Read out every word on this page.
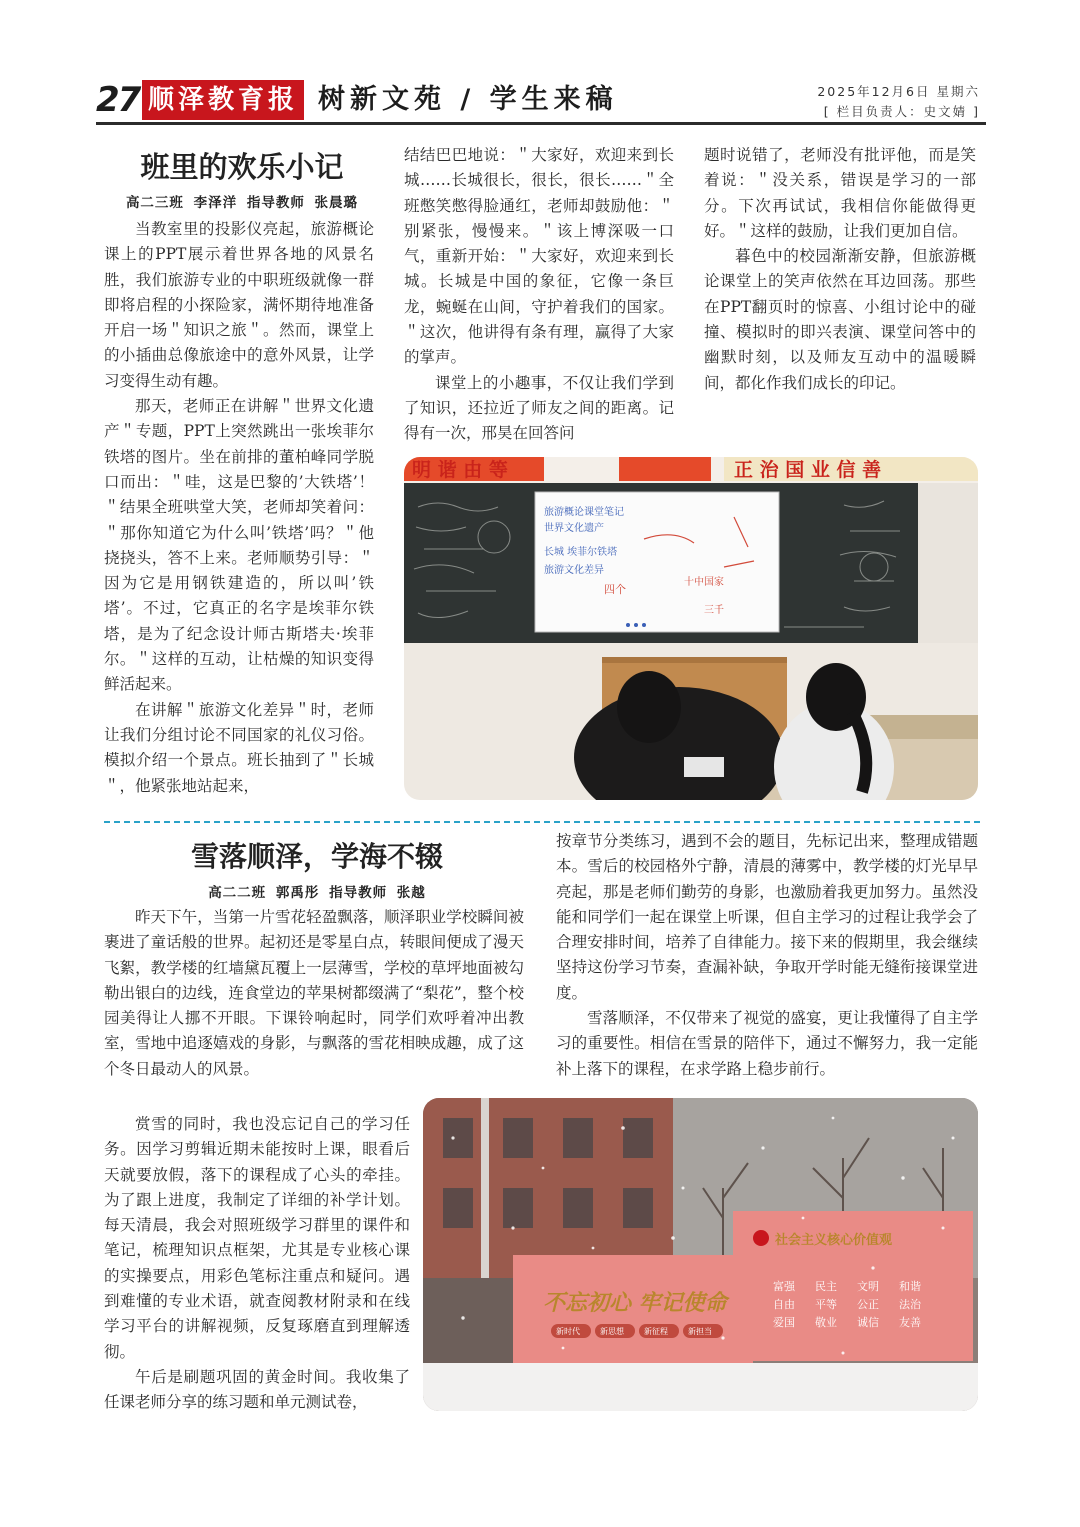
27 顺泽教育报 树新文苑 / 学生来稿	2025年12月6日 星期六
[ 栏目负责人：史文婧 ]
班里的欢乐小记
高二三班 李泽洋 指导教师 张晨璐

当教室里的投影仪亮起，旅游概论课上的PPT展示着世界各地的风景名胜，我们旅游专业的中职班级就像一群即将启程的小探险家，满怀期待地准备开启一场＂知识之旅＂。然而，课堂上的小插曲总像旅途中的意外风景，让学习变得生动有趣。

那天，老师正在讲解＂世界文化遗产＂专题，PPT上突然跳出一张埃菲尔铁塔的图片。坐在前排的董柏峰同学脱口而出：＂哇，这是巴黎的’大铁塔’！＂结果全班哄堂大笑，老师却笑着问：＂那你知道它为什么叫’铁塔’吗？＂他挠挠头，答不上来。老师顺势引导：＂因为它是用钢铁建造的，所以叫’铁塔’。不过，它真正的名字是埃菲尔铁塔，是为了纪念设计师古斯塔夫·埃菲尔。＂这样的互动，让枯燥的知识变得鲜活起来。

在讲解＂旅游文化差异＂时，老师让我们分组讨论不同国家的礼仪习俗。模拟介绍一个景点。班长抽到了＂长城＂，他紧张地站起来，

结结巴巴地说：＂大家好，欢迎来到长城……长城很长，很长，很长……＂全班憋笑憋得脸通红，老师却鼓励他：＂别紧张，慢慢来。＂该上博深吸一口气，重新开始：＂大家好，欢迎来到长城。长城是中国的象征，它像一条巨龙，蜿蜒在山间，守护着我们的国家。＂这次，他讲得有条有理，赢得了大家的掌声。

课堂上的小趣事，不仅让我们学到了知识，还拉近了师友之间的距离。记得有一次，邢昊在回答问

题时说错了，老师没有批评他，而是笑着说：＂没关系，错误是学习的一部分。下次再试试，我相信你能做得更好。＂这样的鼓励，让我们更加自信。

暮色中的校园渐渐安静，但旅游概论课堂上的笑声依然在耳边回荡。那些在PPT翻页时的惊喜、小组讨论中的碰撞、模拟时的即兴表演、课堂问答中的幽默时刻，以及师友互动中的温暖瞬间，都化作我们成长的印记。

明 谐 由 等	正 治 国 业 信 善
旅游概论课堂笔记
世界文化遗产
长城 埃菲尔铁塔
旅游文化差异
四个
十中国家
三千
雪落顺泽，学海不辍
高二二班 郭禹彤 指导教师 张越

昨天下午，当第一片雪花轻盈飘落，顺泽职业学校瞬间被裹进了童话般的世界。起初还是零星白点，转眼间便成了漫天飞絮，教学楼的红墙黛瓦覆上一层薄雪，学校的草坪地面被勾勒出银白的边线，连食堂边的苹果树都缀满了“梨花”，整个校园美得让人挪不开眼。下课铃响起时，同学们欢呼着冲出教室，雪地中追逐嬉戏的身影，与飘落的雪花相映成趣，成了这个冬日最动人的风景。

赏雪的同时，我也没忘记自己的学习任务。因学习剪辑近期未能按时上课，眼看后天就要放假，落下的课程成了心头的牵挂。为了跟上进度，我制定了详细的补学计划。每天清晨，我会对照班级学习群里的课件和笔记，梳理知识点框架，尤其是专业核心课的实操要点，用彩色笔标注重点和疑问。遇到难懂的专业术语，就查阅教材附录和在线学习平台的讲解视频，反复琢磨直到理解透彻。

午后是刷题巩固的黄金时间。我收集了任课老师分享的练习题和单元测试卷，

按章节分类练习，遇到不会的题目，先标记出来，整理成错题本。雪后的校园格外宁静，清晨的薄雾中，教学楼的灯光早早亮起，那是老师们勤劳的身影，也激励着我更加努力。虽然没能和同学们一起在课堂上听课，但自主学习的过程让我学会了合理安排时间，培养了自律能力。接下来的假期里，我会继续坚持这份学习节奏，查漏补缺，争取开学时能无缝衔接课堂进度。

雪落顺泽，不仅带来了视觉的盛宴，更让我懂得了自主学习的重要性。相信在雪景的陪伴下，通过不懈努力，我一定能补上落下的课程，在求学路上稳步前行。

不忘初心 牢记使命
新时代	新思想	新征程	新担当
社会主义核心价值观
富强 民主 文明 和谐
自由 平等 公正 法治
爱国 敬业 诚信 友善
